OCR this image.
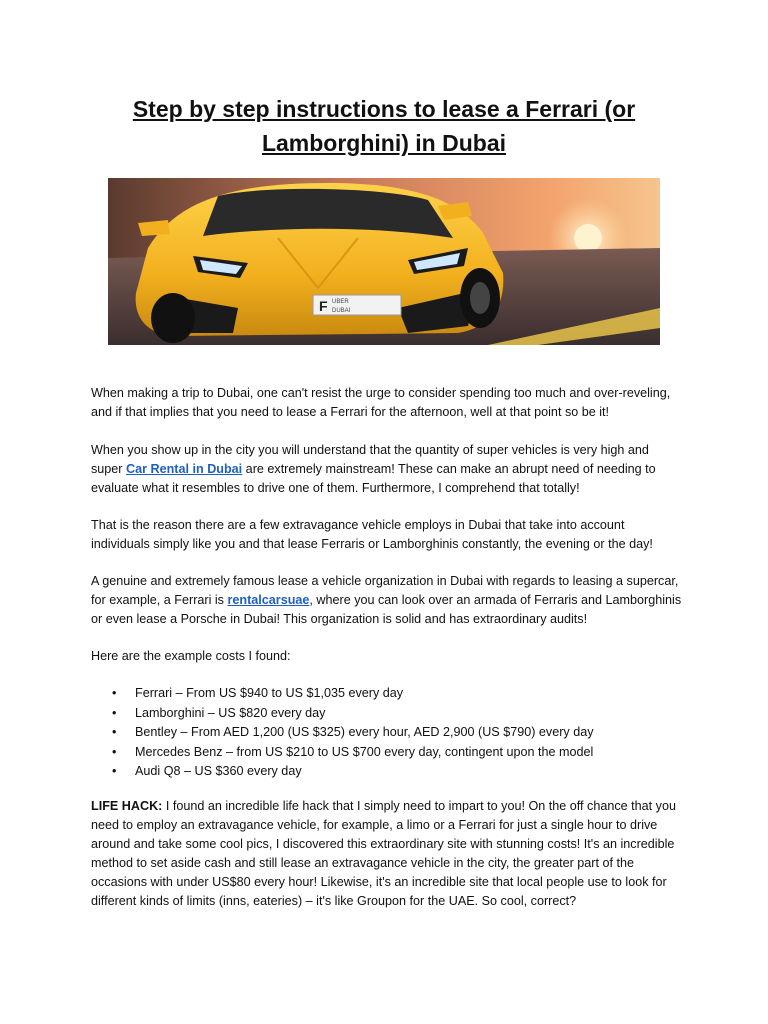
Step by step instructions to lease a Ferrari (or Lamborghini) in Dubai
F UBER
DUBAI

When making a trip to Dubai, one can't resist the urge to consider spending too much and over-reveling, and if that implies that you need to lease a Ferrari for the afternoon, well at that point so be it!

When you show up in the city you will understand that the quantity of super vehicles is very high and super Car Rental in Dubai are extremely mainstream! These can make an abrupt need of needing to evaluate what it resembles to drive one of them. Furthermore, I comprehend that totally!

That is the reason there are a few extravagance vehicle employs in Dubai that take into account individuals simply like you and that lease Ferraris or Lamborghinis constantly, the evening or the day!

A genuine and extremely famous lease a vehicle organization in Dubai with regards to leasing a supercar, for example, a Ferrari is rentalcarsuae, where you can look over an armada of Ferraris and Lamborghinis or even lease a Porsche in Dubai! This organization is solid and has extraordinary audits!

Here are the example costs I found:

• Ferrari – From US $940 to US $1,035 every day
• Lamborghini – US $820 every day
• Bentley – From AED 1,200 (US $325) every hour, AED 2,900 (US $790) every day
• Mercedes Benz – from US $210 to US $700 every day, contingent upon the model
• Audi Q8 – US $360 every day

LIFE HACK: I found an incredible life hack that I simply need to impart to you! On the off chance that you need to employ an extravagance vehicle, for example, a limo or a Ferrari for just a single hour to drive around and take some cool pics, I discovered this extraordinary site with stunning costs! It's an incredible method to set aside cash and still lease an extravagance vehicle in the city, the greater part of the occasions with under US$80 every hour! Likewise, it's an incredible site that local people use to look for different kinds of limits (inns, eateries) – it's like Groupon for the UAE. So cool, correct?
